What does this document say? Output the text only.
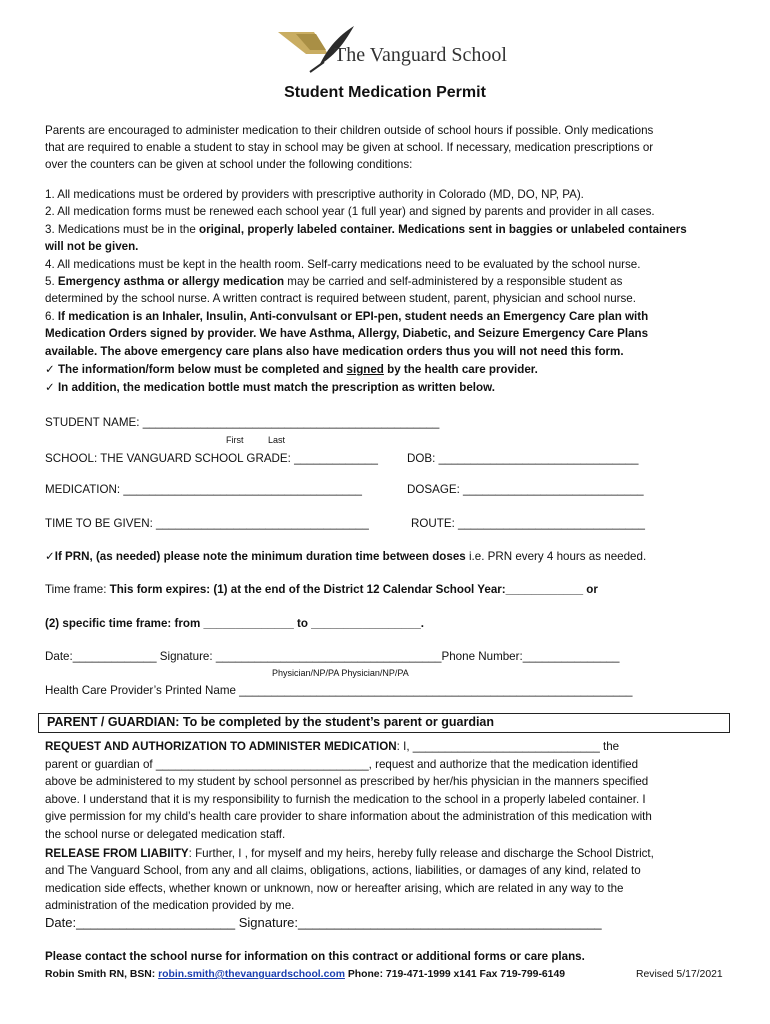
The Vanguard School
Student Medication Permit
Parents are encouraged to administer medication to their children outside of school hours if possible. Only medications
that are required to enable a student to stay in school may be given at school. If necessary, medication prescriptions or
over the counters can be given at school under the following conditions:
1. All medications must be ordered by providers with prescriptive authority in Colorado (MD, DO, NP, PA).
2. All medication forms must be renewed each school year (1 full year) and signed by parents and provider in all cases.
3. Medications must be in the original, properly labeled container. Medications sent in baggies or unlabeled containers
will not be given.
4. All medications must be kept in the health room. Self-carry medications need to be evaluated by the school nurse.
5. Emergency asthma or allergy medication may be carried and self-administered by a responsible student as
determined by the school nurse. A written contract is required between student, parent, physician and school nurse.
6. If medication is an Inhaler, Insulin, Anti-convulsant or EPI-pen, student needs an Emergency Care plan with
Medication Orders signed by provider. We have Asthma, Allergy, Diabetic, and Seizure Emergency Care Plans
available. The above emergency care plans also have medication orders thus you will not need this form.
✓ The information/form below must be completed and signed by the health care provider.
✓ In addition, the medication bottle must match the prescription as written below.
STUDENT NAME: ______________________________________________
First	Last
SCHOOL: THE VANGUARD SCHOOL GRADE: _____________	DOB: _______________________________
MEDICATION: _____________________________________	DOSAGE: ____________________________
TIME TO BE GIVEN: _________________________________	ROUTE: _____________________________
✓If PRN, (as needed) please note the minimum duration time between doses i.e. PRN every 4 hours as needed.
Time frame: This form expires: (1) at the end of the District 12 Calendar School Year:____________ or
(2) specific time frame: from ______________ to _________________.
Date:_____________ Signature: ___________________________________Phone Number:_______________
Physician/NP/PA Physician/NP/PA
Health Care Provider’s Printed Name _____________________________________________________________
PARENT / GUARDIAN: To be completed by the student’s parent or guardian
REQUEST AND AUTHORIZATION TO ADMINISTER MEDICATION: I, _____________________________ the
parent or guardian of _________________________________, request and authorize that the medication identified
above be administered to my student by school personnel as prescribed by her/his physician in the manners specified
above. I understand that it is my responsibility to furnish the medication to the school in a properly labeled container. I
give permission for my child’s health care provider to share information about the administration of this medication with
the school nurse or delegated medication staff.
RELEASE FROM LIABIITY: Further, I , for myself and my heirs, hereby fully release and discharge the School District,
and The Vanguard School, from any and all claims, obligations, actions, liabilities, or damages of any kind, related to
medication side effects, whether known or unknown, now or hereafter arising, which are related in any way to the
administration of the medication provided by me.
Date:______________________ Signature:__________________________________________
Please contact the school nurse for information on this contract or additional forms or care plans.
Robin Smith RN, BSN: robin.smith@thevanguardschool.com Phone: 719-471-1999 x141 Fax 719-799-6149	Revised 5/17/2021
